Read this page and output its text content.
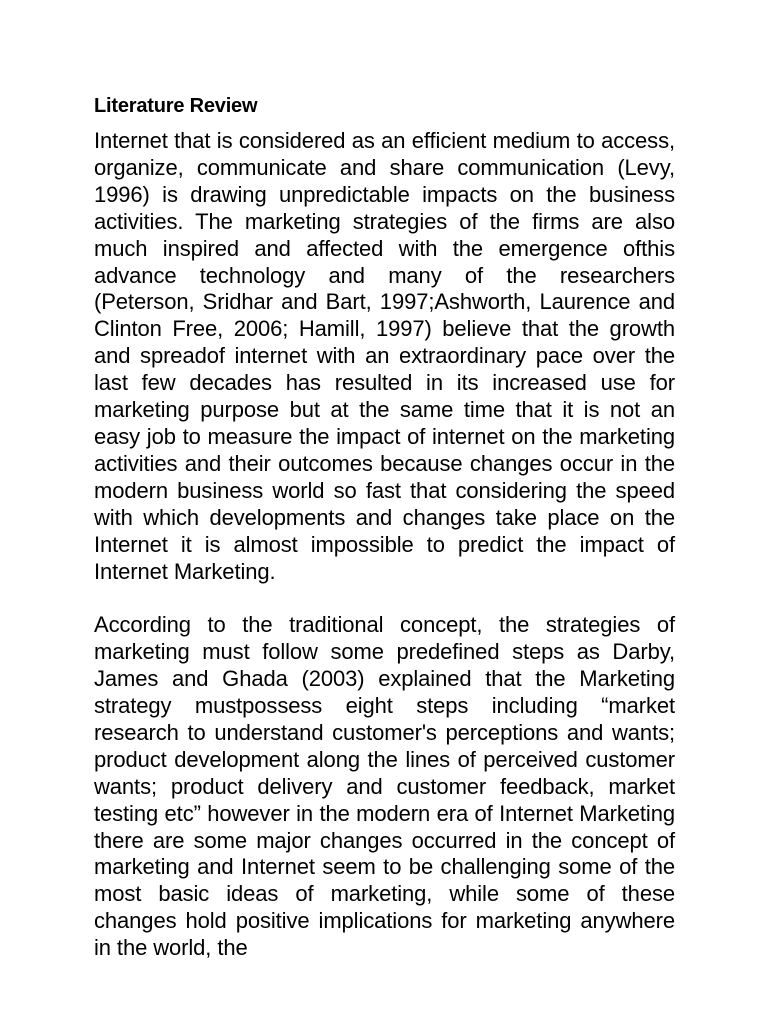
Literature Review

Internet that is considered as an efficient medium to access, organize, communicate and share communication (Levy, 1996) is drawing unpredictable impacts on the business activities. The marketing strategies of the firms are also much inspired and affected with the emergence ofthis advance technology and many of the researchers (Peterson, Sridhar and Bart, 1997;Ashworth, Laurence and Clinton Free, 2006; Hamill, 1997) believe that the growth and spreadof internet with an extraordinary pace over the last few decades has resulted in its increased use for marketing purpose but at the same time that it is not an easy job to measure the impact of internet on the marketing activities and their outcomes because changes occur in the modern business world so fast that considering the speed with which developments and changes take place on the Internet it is almost impossible to predict the impact of Internet Marketing.

According to the traditional concept, the strategies of marketing must follow some predefined steps as Darby, James and Ghada (2003) explained that the Marketing strategy mustpossess eight steps including “market research to understand customer's perceptions and wants; product development along the lines of perceived customer wants; product delivery and customer feedback, market testing etc” however in the modern era of Internet Marketing there are some major changes occurred in the concept of marketing and Internet seem to be challenging some of the most basic ideas of marketing, while some of these changes hold positive implications for marketing anywhere in the world, the
